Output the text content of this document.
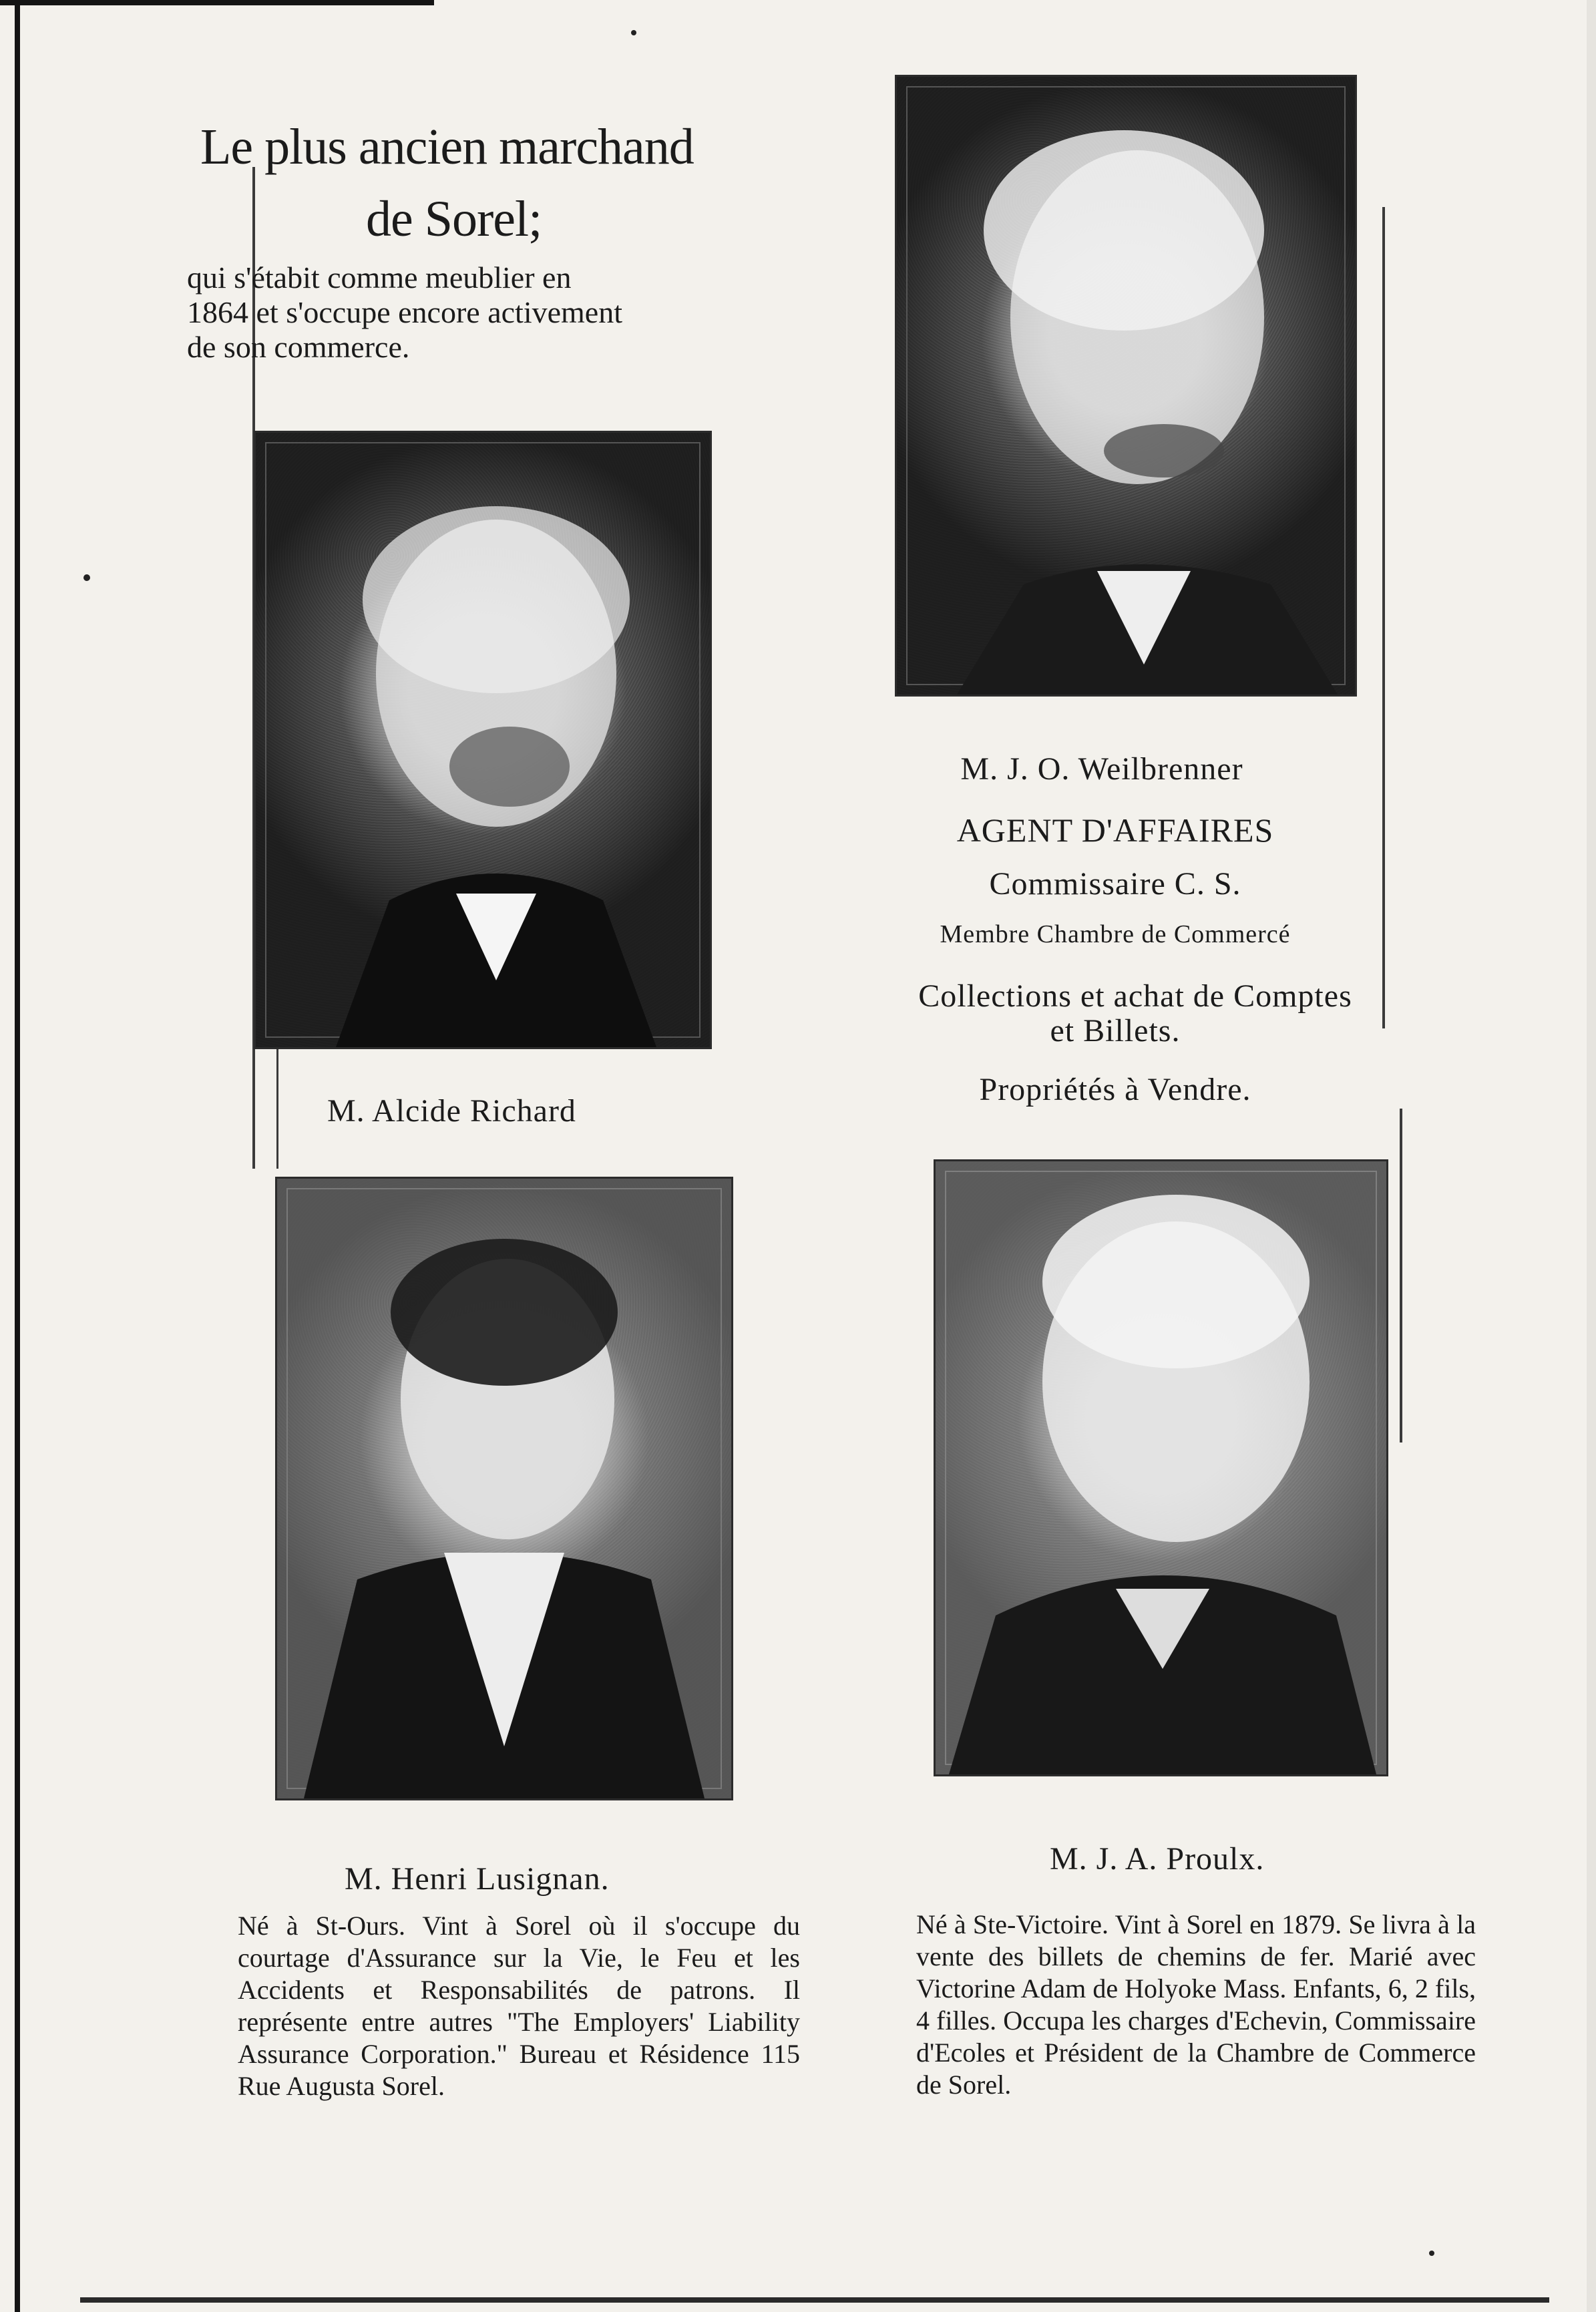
Le plus ancien marchand
de Sorel;
qui s'étabit comme meublier en
1864 et s'occupe encore activement
de son commerce.
M. Alcide Richard
M. J. O. Weilbrenner
AGENT D'AFFAIRES
Commissaire C. S.
Membre Chambre de Commercé
Collections et achat de Comptes
et Billets.
Propriétés à Vendre.
M. Henri Lusignan.
Né à St-Ours. Vint à Sorel où il s'occupe du courtage d'Assurance sur la Vie, le Feu et les Accidents et Responsabilités de patrons. Il représente entre autres "The Employers' Liability Assurance Corporation." Bureau et Résidence 115 Rue Augusta Sorel.
M. J. A. Proulx.
Né à Ste-Victoire. Vint à Sorel en 1879. Se livra à la vente des billets de chemins de fer. Marié avec Victorine Adam de Holyoke Mass. Enfants, 6, 2 fils, 4 filles. Occupa les charges d'Echevin, Commissaire d'Ecoles et Président de la Chambre de Commerce de Sorel.
